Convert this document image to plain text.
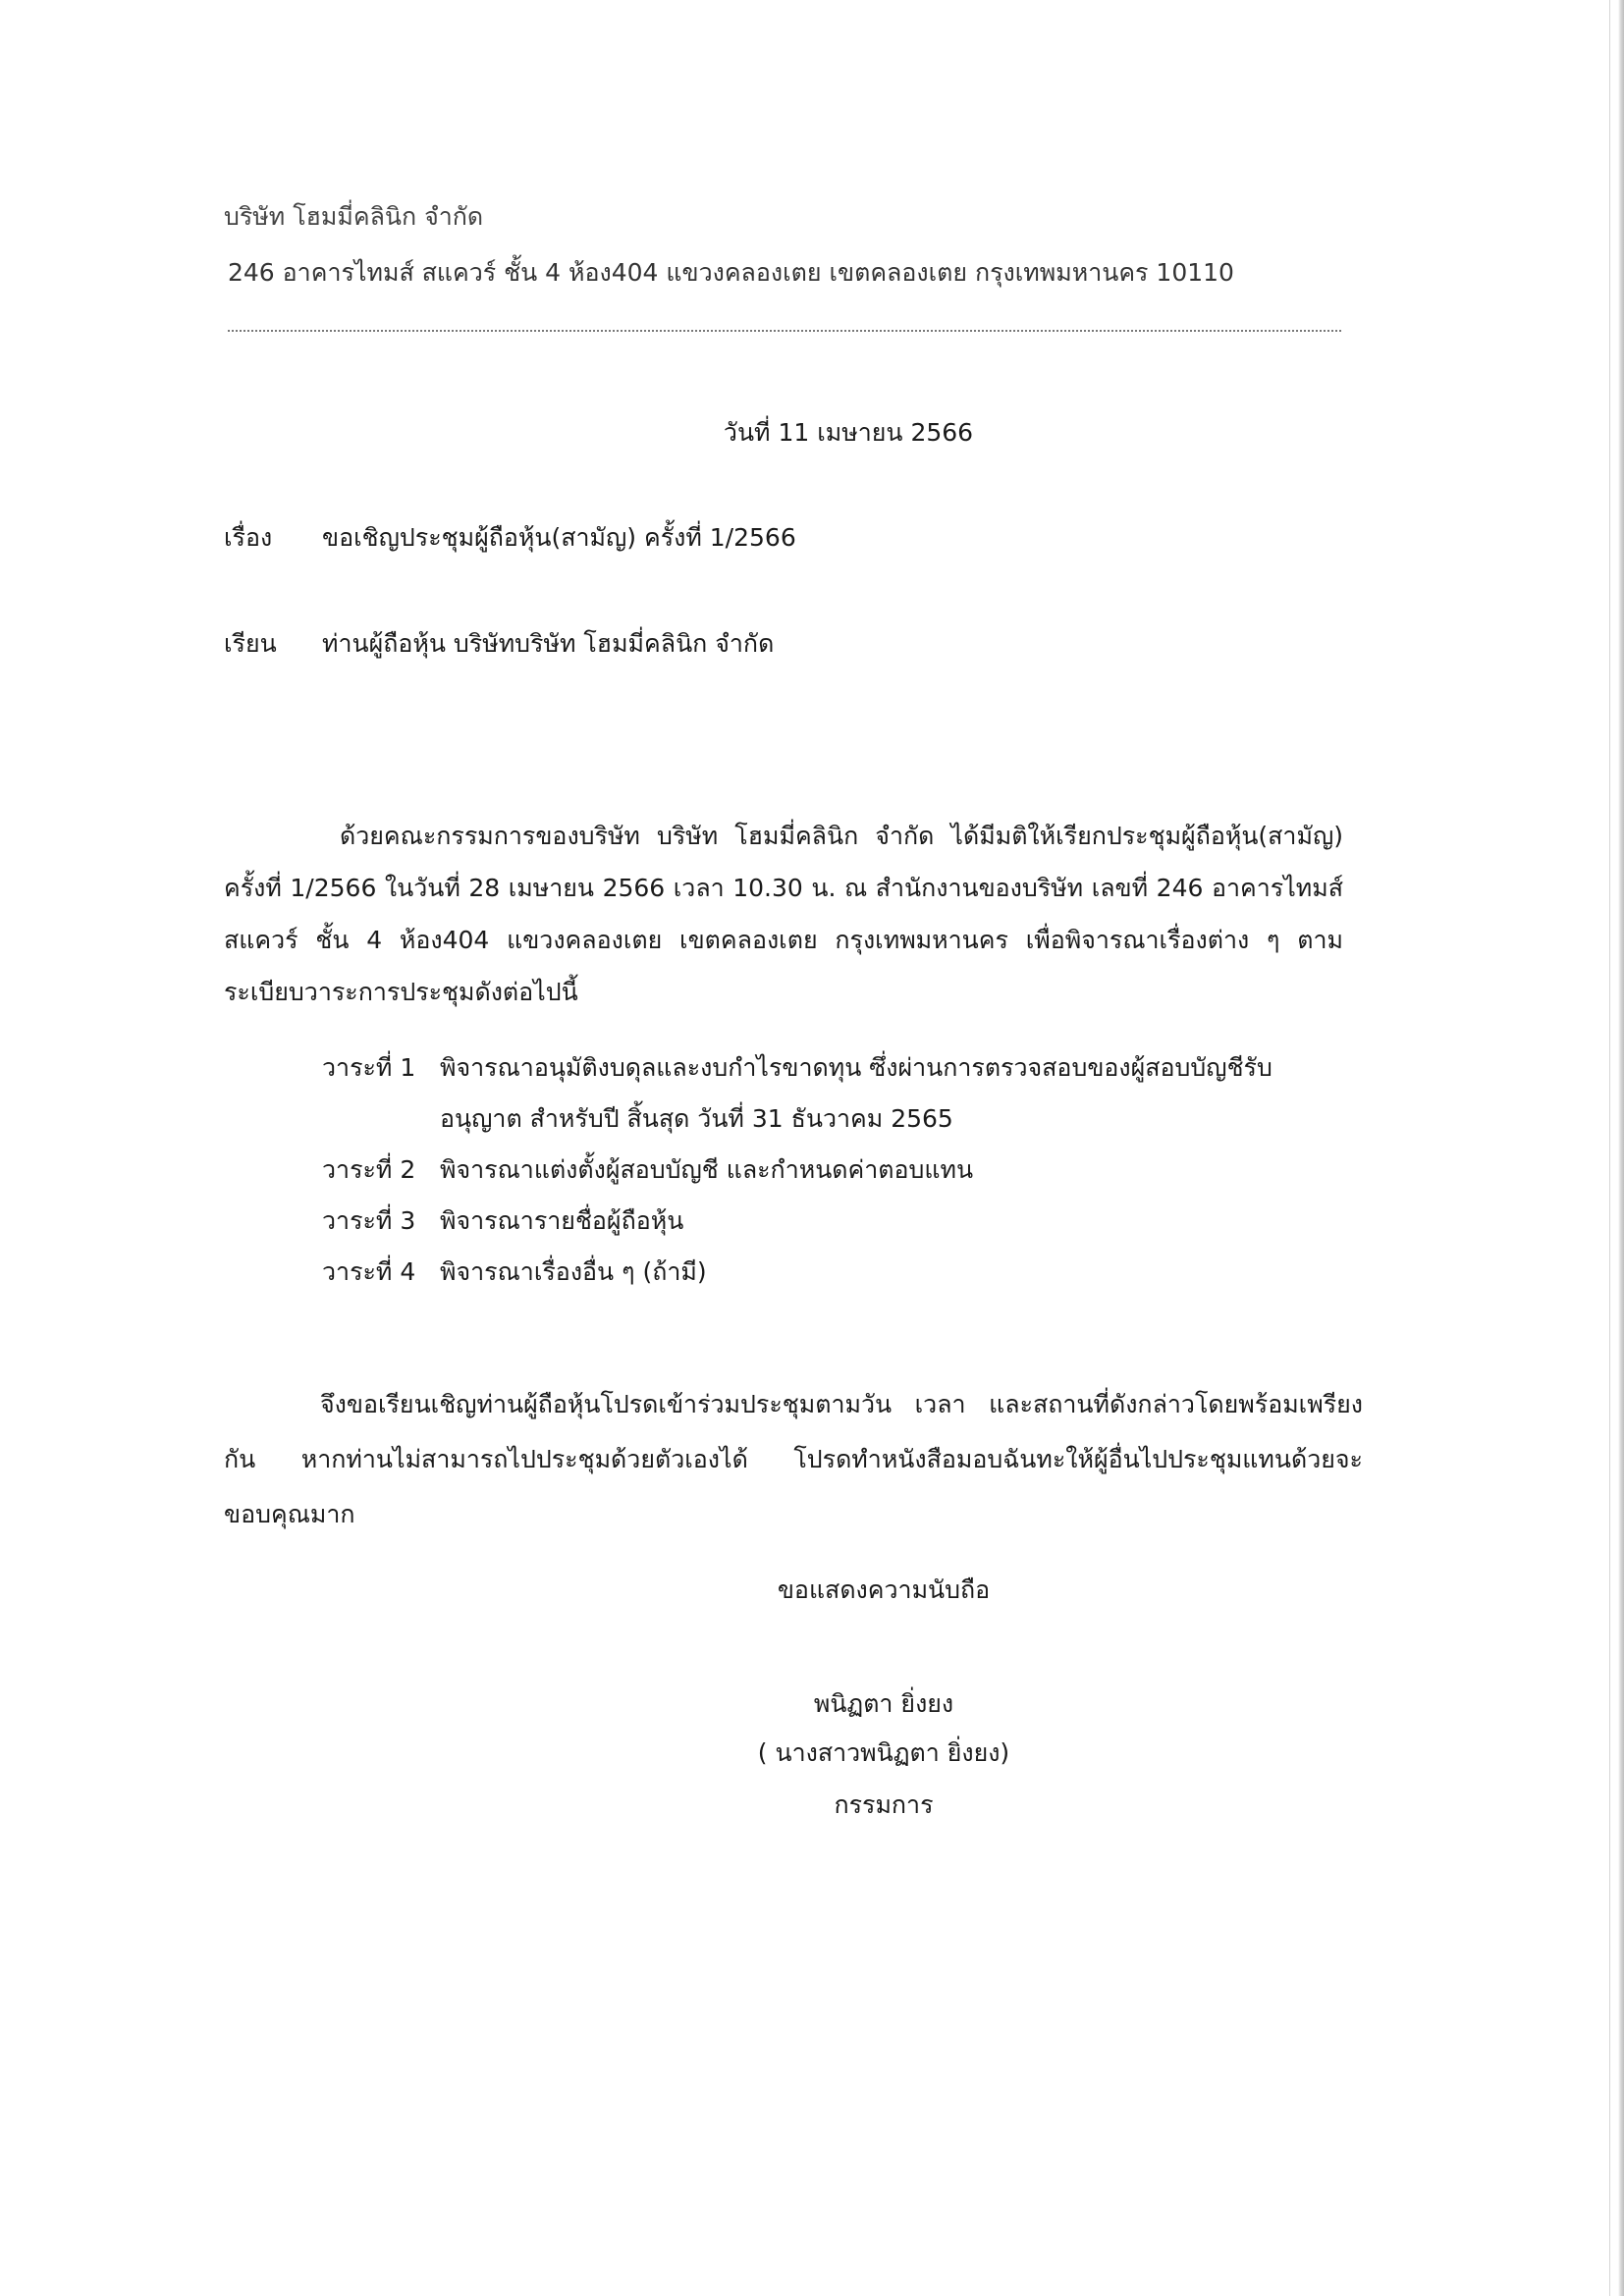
บริษัท โฮมมี่คลินิก จำกัด
246 อาคารไทมส์ สแควร์ ชั้น 4 ห้อง404 แขวงคลองเตย เขตคลองเตย กรุงเทพมหานคร 10110
วันที่ 11 เมษายน 2566
เรื่อง ขอเชิญประชุมผู้ถือหุ้น(สามัญ) ครั้งที่ 1/2566
เรียน ท่านผู้ถือหุ้น บริษัทบริษัท โฮมมี่คลินิก จำกัด

ด้วยคณะกรรมการของบริษัท บริษัท โฮมมี่คลินิก จำกัด ได้มีมติให้เรียกประชุมผู้ถือหุ้น(สามัญ) ครั้งที่ 1/2566 ในวันที่ 28 เมษายน 2566 เวลา 10.30 น. ณ สำนักงานของบริษัท เลขที่ 246 อาคารไทมส์ สแควร์ ชั้น 4 ห้อง404 แขวงคลองเตย เขตคลองเตย กรุงเทพมหานคร เพื่อพิจารณาเรื่องต่าง ๆ ตามระเบียบวาระการประชุมดังต่อไปนี้

วาระที่ 1 พิจารณาอนุมัติงบดุลและงบกำไรขาดทุน ซึ่งผ่านการตรวจสอบของผู้สอบบัญชีรับอนุญาต สำหรับปี สิ้นสุด วันที่ 31 ธันวาคม 2565
วาระที่ 2 พิจารณาแต่งตั้งผู้สอบบัญชี และกำหนดค่าตอบแทน
วาระที่ 3 พิจารณารายชื่อผู้ถือหุ้น
วาระที่ 4 พิจารณาเรื่องอื่น ๆ (ถ้ามี)

จึงขอเรียนเชิญท่านผู้ถือหุ้นโปรดเข้าร่วมประชุมตามวัน เวลา และสถานที่ดังกล่าวโดยพร้อมเพรียงกัน หากท่านไม่สามารถไปประชุมด้วยตัวเองได้ โปรดทำหนังสือมอบฉันทะให้ผู้อื่นไปประชุมแทนด้วยจะขอบคุณมาก

ขอแสดงความนับถือ
พนิฏตา ยิ่งยง
( นางสาวพนิฏตา ยิ่งยง)
กรรมการ
